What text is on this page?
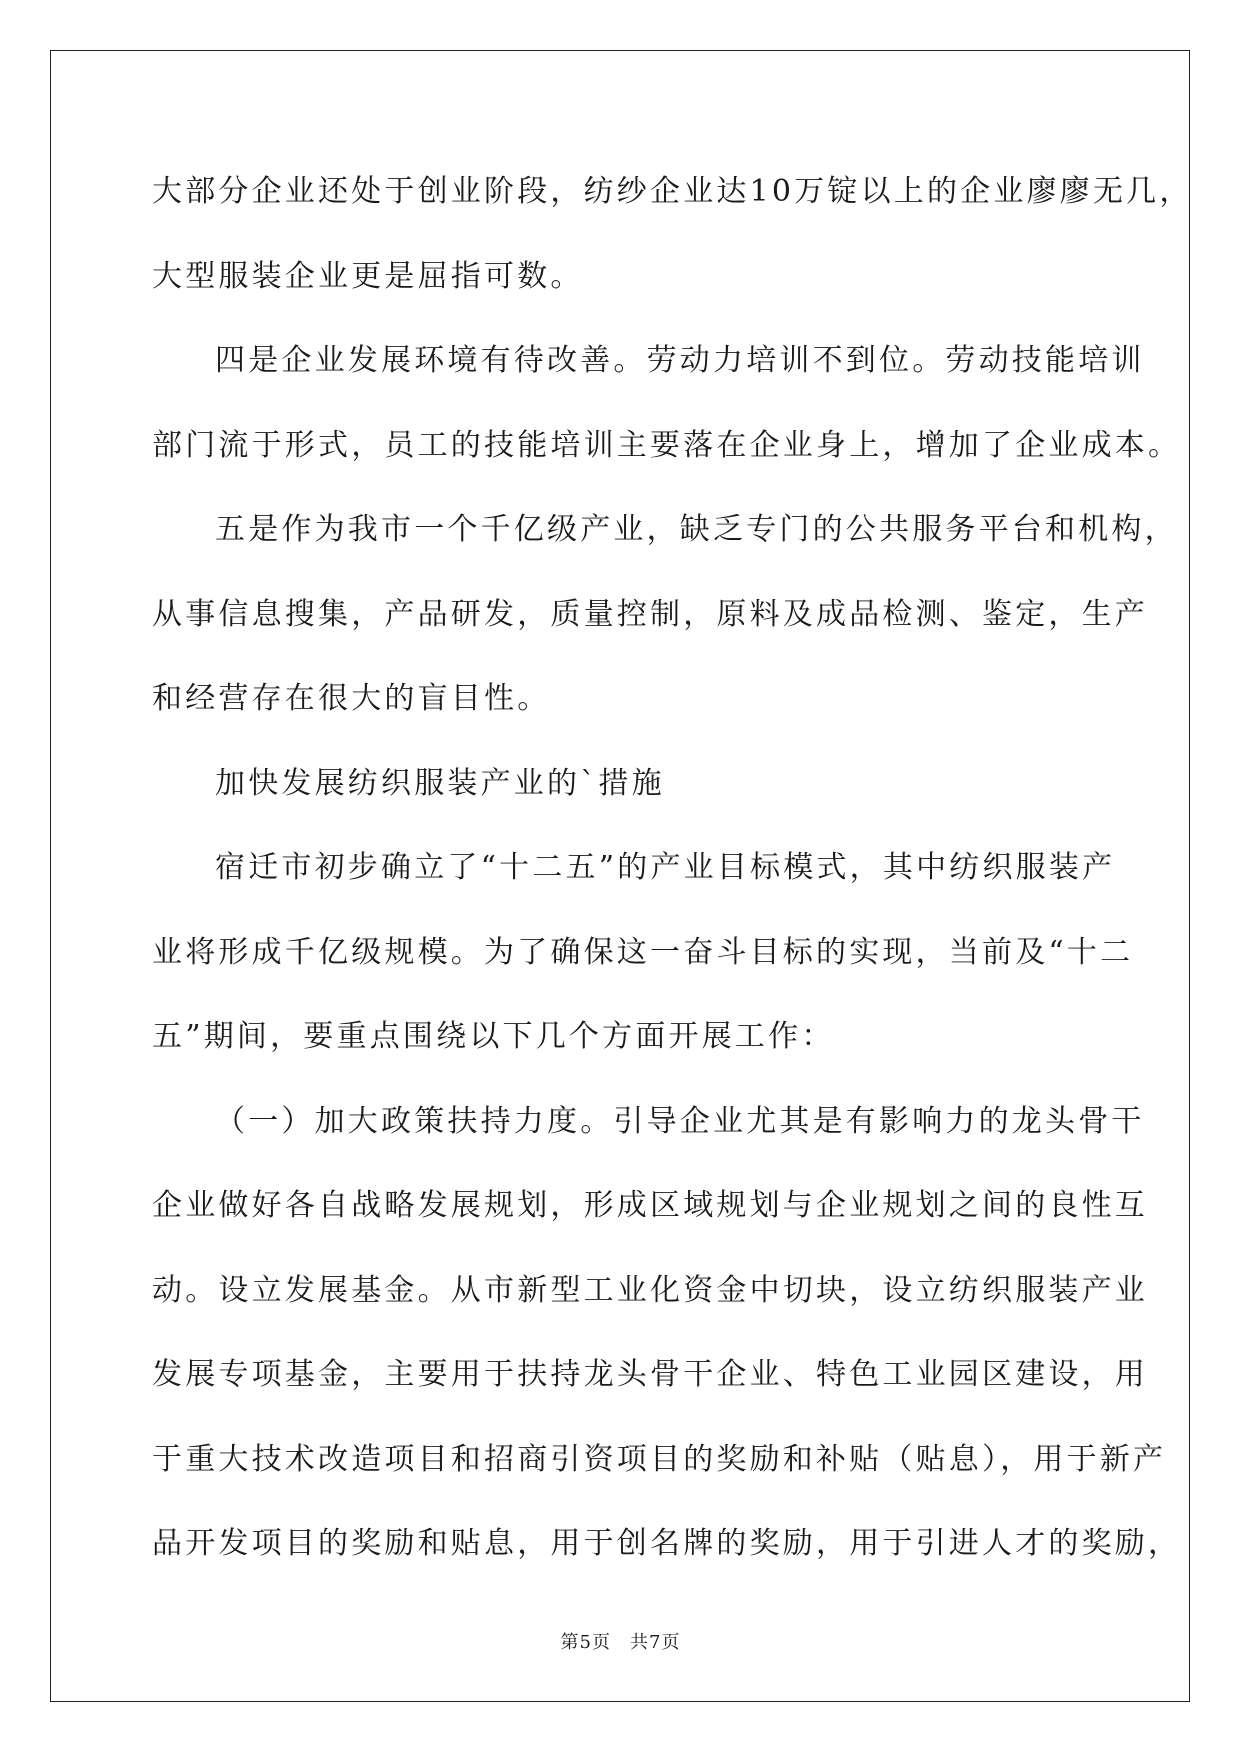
大部分企业还处于创业阶段，纺纱企业达10万锭以上的企业廖廖无几，
大型服装企业更是屈指可数。
四是企业发展环境有待改善。劳动力培训不到位。劳动技能培训
部门流于形式，员工的技能培训主要落在企业身上，增加了企业成本。
五是作为我市一个千亿级产业，缺乏专门的公共服务平台和机构，
从事信息搜集，产品研发，质量控制，原料及成品检测、鉴定，生产
和经营存在很大的盲目性。
加快发展纺织服装产业的`措施
宿迁市初步确立了“十二五”的产业目标模式，其中纺织服装产
业将形成千亿级规模。为了确保这一奋斗目标的实现，当前及“十二
五”期间，要重点围绕以下几个方面开展工作：
（一）加大政策扶持力度。引导企业尤其是有影响力的龙头骨干
企业做好各自战略发展规划，形成区域规划与企业规划之间的良性互
动。设立发展基金。从市新型工业化资金中切块，设立纺织服装产业
发展专项基金，主要用于扶持龙头骨干企业、特色工业园区建设，用
于重大技术改造项目和招商引资项目的奖励和补贴（贴息），用于新产
品开发项目的奖励和贴息，用于创名牌的奖励，用于引进人才的奖励，
第5页　共7页
